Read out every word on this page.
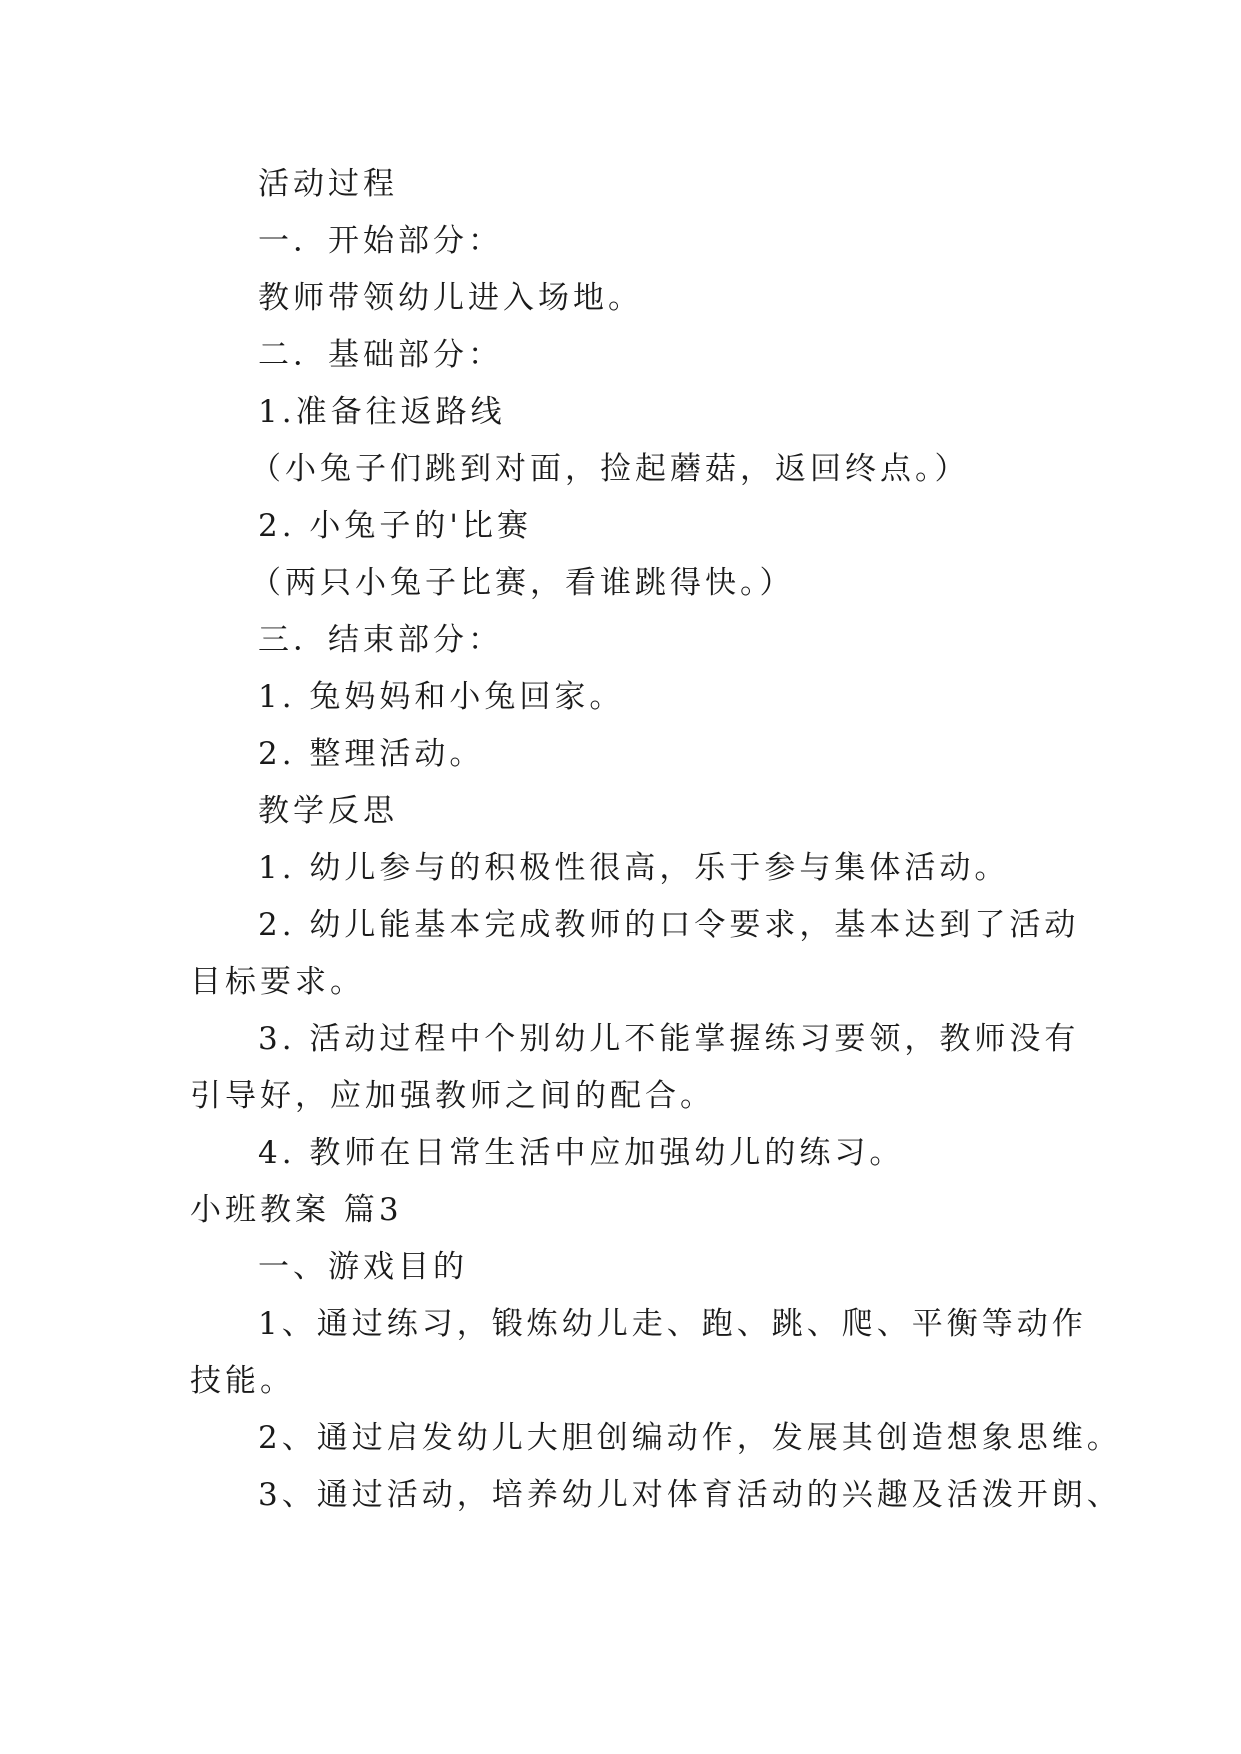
活动过程
一．开始部分：
教师带领幼儿进入场地。
二．基础部分：
1.准备往返路线
（小兔子们跳到对面，捡起蘑菇，返回终点。）
2. 小兔子的'比赛
（两只小兔子比赛，看谁跳得快。）
三．结束部分：
1. 兔妈妈和小兔回家。
2. 整理活动。
教学反思
1. 幼儿参与的积极性很高，乐于参与集体活动。
2. 幼儿能基本完成教师的口令要求，基本达到了活动
目标要求。
3. 活动过程中个别幼儿不能掌握练习要领，教师没有
引导好，应加强教师之间的配合。
4. 教师在日常生活中应加强幼儿的练习。
小班教案 篇3
一、游戏目的
1、通过练习，锻炼幼儿走、跑、跳、爬、平衡等动作
技能。
2、通过启发幼儿大胆创编动作，发展其创造想象思维。
3、通过活动，培养幼儿对体育活动的兴趣及活泼开朗、
